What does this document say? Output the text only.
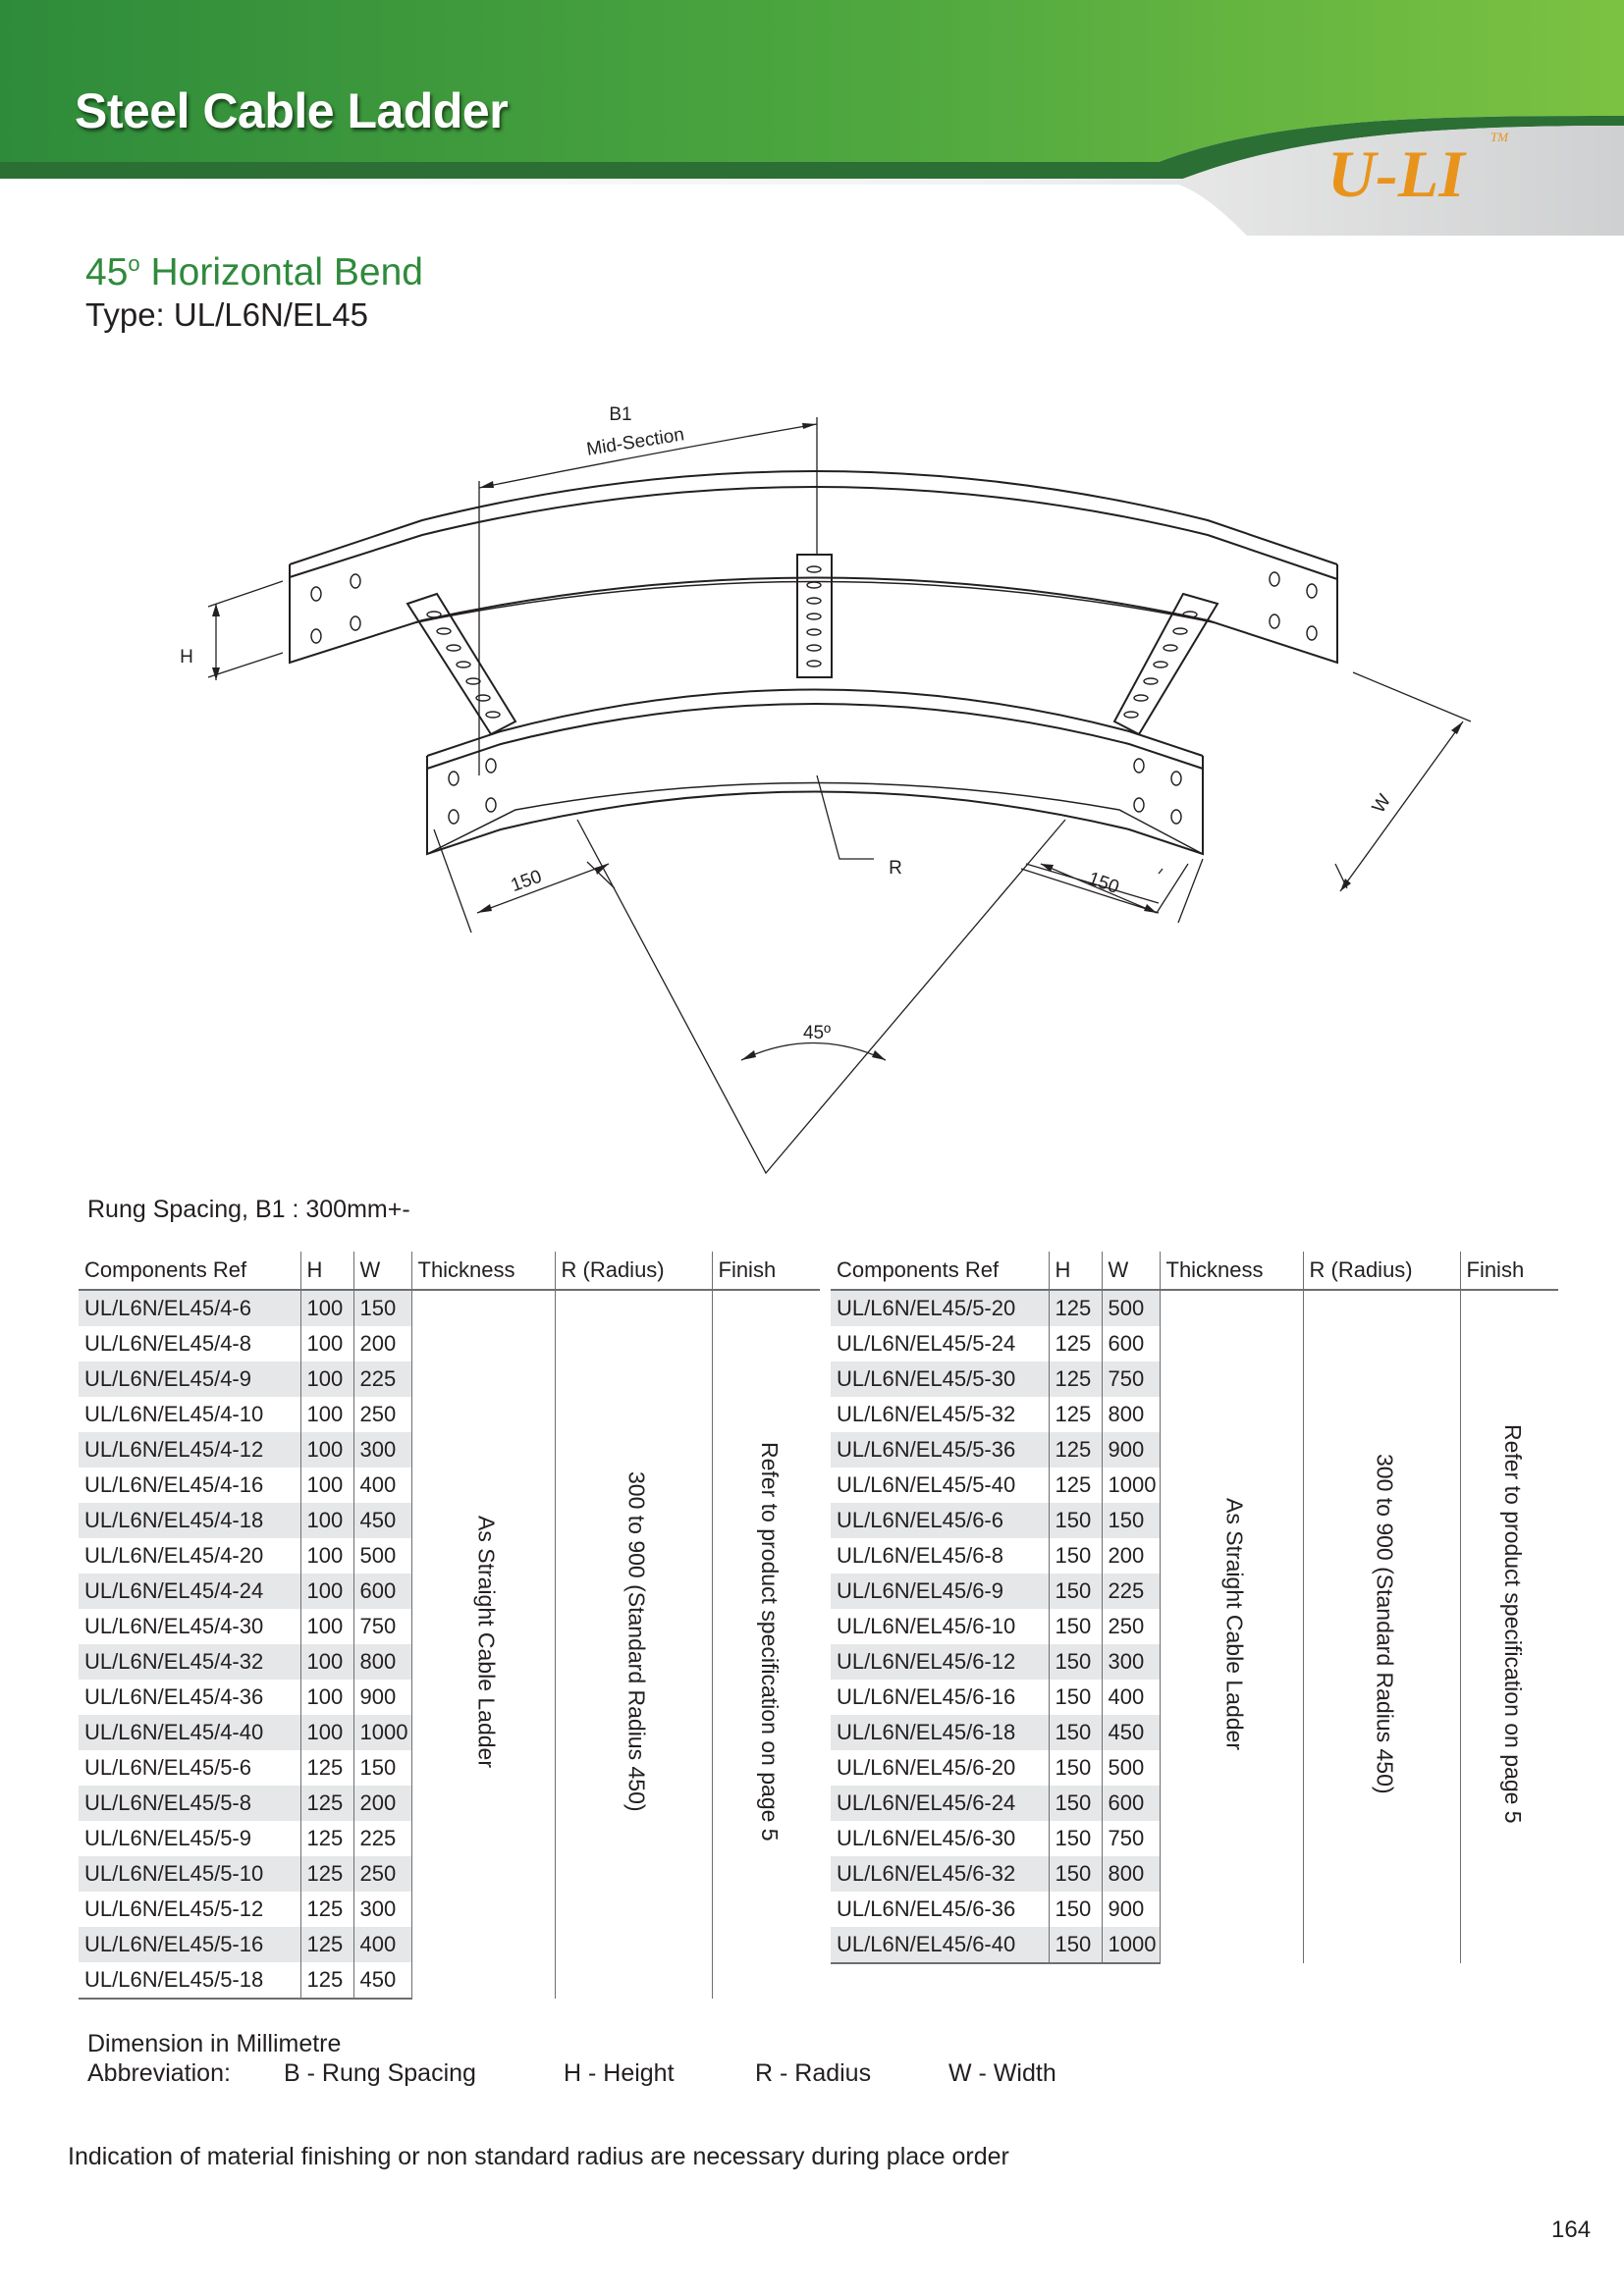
Steel Cable Ladder
U-LI TM
45$^o$ Horizontal Bend
Type: UL/L6N/EL45
B1
Mid-Section
H
W
R
150	150
45º
Rung Spacing, B1 : 300mm+-
Components Ref	H	W	Thickness	R (Radius)	Finish
UL/L6N/EL45/4-6	100	150	As Straight Cable Ladder	300 to 900 (Standard Radius 450)	Refer to product specification on page 5
UL/L6N/EL45/4-8	100	200			
UL/L6N/EL45/4-9	100	225			
UL/L6N/EL45/4-10	100	250			
UL/L6N/EL45/4-12	100	300			
UL/L6N/EL45/4-16	100	400			
UL/L6N/EL45/4-18	100	450			
UL/L6N/EL45/4-20	100	500			
UL/L6N/EL45/4-24	100	600			
UL/L6N/EL45/4-30	100	750			
UL/L6N/EL45/4-32	100	800			
UL/L6N/EL45/4-36	100	900			
UL/L6N/EL45/4-40	100	1000			
UL/L6N/EL45/5-6	125	150			
UL/L6N/EL45/5-8	125	200			
UL/L6N/EL45/5-9	125	225			
UL/L6N/EL45/5-10	125	250			
UL/L6N/EL45/5-12	125	300			
UL/L6N/EL45/5-16	125	400			
UL/L6N/EL45/5-18	125	450			
Components Ref	H	W	Thickness	R (Radius)	Finish
UL/L6N/EL45/5-20	125	500	As Straight Cable Ladder	300 to 900 (Standard Radius 450)	Refer to product specification on page 5
UL/L6N/EL45/5-24	125	600			
UL/L6N/EL45/5-30	125	750			
UL/L6N/EL45/5-32	125	800			
UL/L6N/EL45/5-36	125	900			
UL/L6N/EL45/5-40	125	1000			
UL/L6N/EL45/6-6	150	150			
UL/L6N/EL45/6-8	150	200			
UL/L6N/EL45/6-9	150	225			
UL/L6N/EL45/6-10	150	250			
UL/L6N/EL45/6-12	150	300			
UL/L6N/EL45/6-16	150	400			
UL/L6N/EL45/6-18	150	450			
UL/L6N/EL45/6-20	150	500			
UL/L6N/EL45/6-24	150	600			
UL/L6N/EL45/6-30	150	750			
UL/L6N/EL45/6-32	150	800			
UL/L6N/EL45/6-36	150	900			
UL/L6N/EL45/6-40	150	1000			
Dimension in Millimetre
Abbreviation: B - Rung Spacing	H - Height	R - Radius	W - Width
Indication of material finishing or non standard radius are necessary during place order
164
